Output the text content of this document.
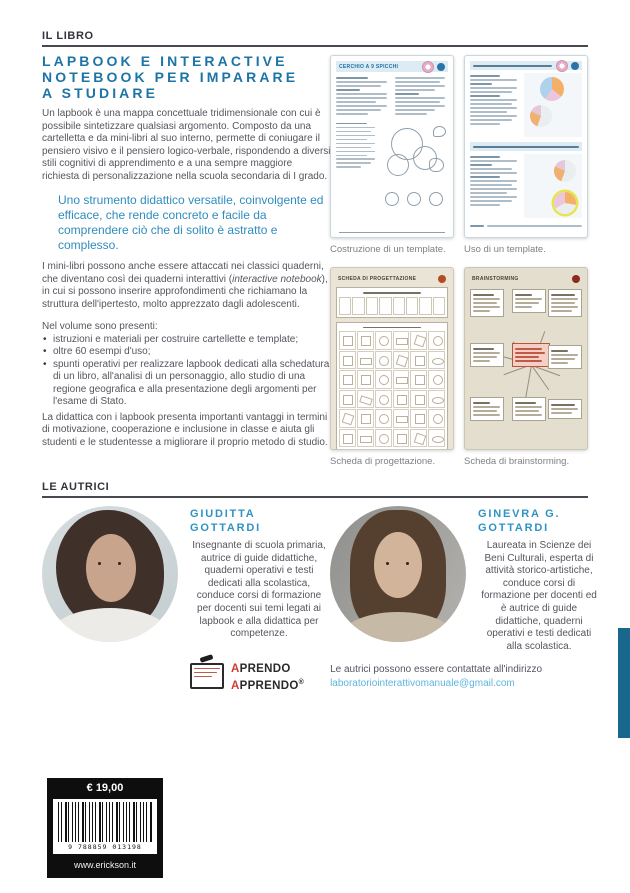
IL LIBRO
LAPBOOK E INTERACTIVE
NOTEBOOK PER IMPARARE
A STUDIARE

Un lapbook è una mappa concettuale tridimensionale con cui è possibile sintetizzare qualsiasi argomento. Composto da una cartelletta e da mini-libri al suo interno, permette di coniugare il pensiero visivo e il pensiero logico-verbale, rispondendo a diversi stili cognitivi di apprendimento e a una sempre maggiore richiesta di personalizzazione nella scuola secondaria di I grado.

Uno strumento didattico versatile, coinvolgente ed efficace, che rende concreto e facile da comprendere ciò che di solito è astratto e complesso.

I mini-libri possono anche essere attaccati nei classici quaderni, che diventano così dei quaderni interattivi (interactive notebook), in cui si possono inserire approfondimenti che richiamano la struttura dell'ipertesto, molto apprezzato dagli adolescenti.

Nel volume sono presenti:
• istruzioni e materiali per costruire cartellette e template;
• oltre 60 esempi d'uso;
• spunti operativi per realizzare lapbook dedicati alla schedatura di un libro, all'analisi di un personaggio, allo studio di una regione geografica e alla presentazione degli argomenti per l'esame di Stato.

La didattica con i lapbook presenta importanti vantaggi in termini di motivazione, cooperazione e inclusione in classe e aiuta gli studenti e le studentesse a migliorare il proprio metodo di studio.

CERCHIO A 9 SPICCHI
Costruzione di un template.	Uso di un template.
SCHEDA DI PROGETTAZIONE
Scheda di progettazione.
BRAINSTORMING
Scheda di brainstorming.
LE AUTRICI
GIUDITTA
GOTTARDI
Insegnante di scuola primaria, autrice di guide didattiche, quaderni operativi e testi dedicati alla scolastica, conduce corsi di formazione per docenti sui temi legati ai lapbook e alla didattica per competenze.
GINEVRA G.
GOTTARDI
Laureata in Scienze dei Beni Culturali, esperta di attività storico-artistiche, conduce corsi di formazione per docenti ed è autrice di guide didattiche, quaderni operativi e testi dedicati alla scolastica.
APRENDO
APPRENDO®
Le autrici possono essere contattate all'indirizzo
laboratoriointerattivomanuale@gmail.com
€ 19,00
9 788859 013198
www.erickson.it
